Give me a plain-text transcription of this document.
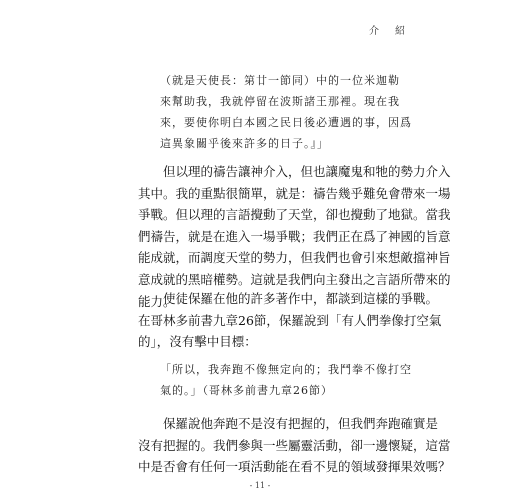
介　紹

（就是天使長：第廿一節同）中的一位米迦勒

來幫助我，我就停留在波斯諸王那裡。現在我

來，要使你明白本國之民日後必遭遇的事，因爲

這異象關乎後來許多的日子。』」

但以理的禱告讓神介入，但也讓魔鬼和牠的勢力介入

其中。我的重點很簡單，就是：禱告幾乎難免會帶來一場

爭戰。但以理的言語攪動了天堂，卻也攪動了地獄。當我

們禱告，就是在進入一場爭戰；我們正在爲了神國的旨意

能成就，而調度天堂的勢力，但我們也會引來想敵擋神旨

意成就的黑暗權勢。這就是我們向主發出之言語所帶來的

能力。

使徒保羅在他的許多著作中，都談到這樣的爭戰。

在哥林多前書九章26節，保羅說到「有人們拳像打空氣

的」，沒有擊中目標：

「所以，我奔跑不像無定向的；我鬥拳不像打空

氣的。」（哥林多前書九章26節）

保羅說他奔跑不是沒有把握的，但我們奔跑確實是

沒有把握的。我們參與一些屬靈活動，卻一邊懷疑，這當

中是否會有任何一項活動能在看不見的領域發揮果效嗎？

- 11 -
